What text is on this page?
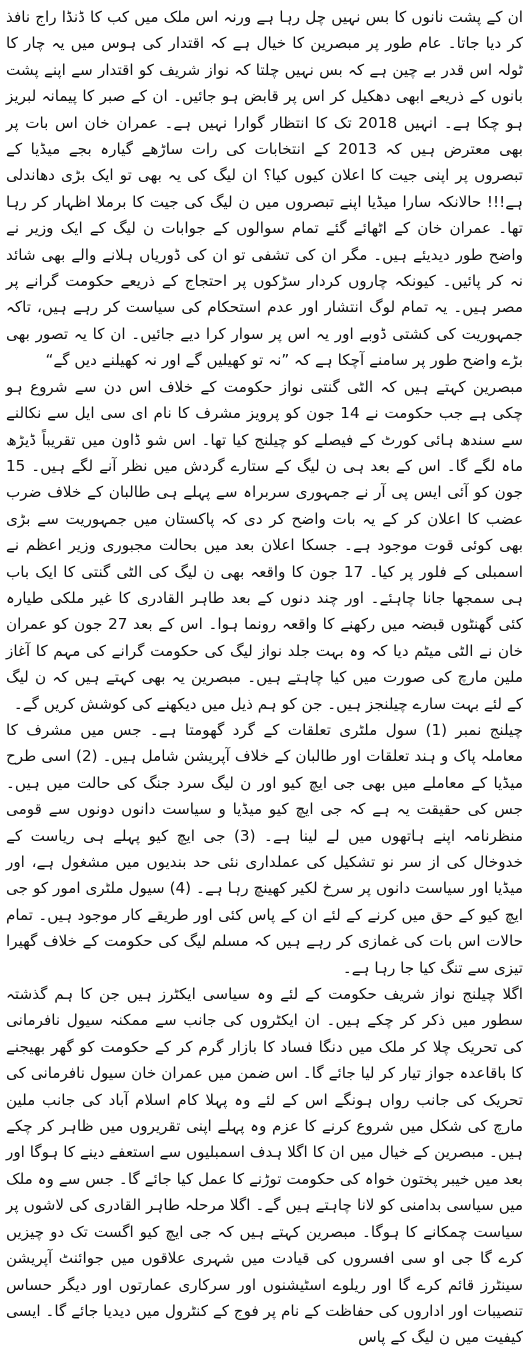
ان کے پشت نانوں کا بس نہیں چل رہا ہے ورنہ اس ملک میں کب کا ڈنڈا راج نافذ کر دیا جاتا۔ عام طور پر مبصرین کا خیال ہے کہ اقتدار کی ہوس میں یہ چار کا ٹولہ اس قدر بے چین ہے کہ بس نہیں چلتا کہ نواز شریف کو اقتدار سے اپنے پشت بانوں کے ذریعے ابھی دھکیل کر اس پر قابض ہو جائیں۔ ان کے صبر کا پیمانہ لبریز ہو چکا ہے۔ انہیں 2018 تک کا انتظار گوارا نہیں ہے۔ عمران خان اس بات پر بھی معترض ہیں کہ 2013 کے انتخابات کی رات ساڑھے گیارہ بجے میڈیا کے تبصروں پر اپنی جیت کا اعلان کیوں کیا؟ ان لیگ کی یہ بھی تو ایک بڑی دھاندلی ہے!!! حالانکہ سارا میڈیا اپنے تبصروں میں ن لیگ کی جیت کا برملا اظہار کر رہا تھا۔ عمران خان کے اٹھائے گئے تمام سوالوں کے جوابات ن لیگ کے ایک وزیر نے واضح طور دیدیئے ہیں۔ مگر ان کی تشفی تو ان کی ڈوریاں ہلانے والے بھی شائد نہ کر پائیں۔ کیونکہ چاروں کردار سڑکوں پر احتجاج کے ذریعے حکومت گرانے پر مصر ہیں۔ یہ تمام لوگ انتشار اور عدم استحکام کی سیاست کر رہے ہیں، تاکہ جمہوریت کی کشتی ڈوبے اور یہ اس پر سوار کرا دیے جائیں۔ ان کا یہ تصور بھی بڑے واضح طور پر سامنے آچکا ہے کہ ”نہ تو کھیلیں گے اور نہ کھیلنے دیں گے“

مبصرین کہتے ہیں کہ الٹی گنتی نواز حکومت کے خلاف اس دن سے شروع ہو چکی ہے جب حکومت نے 14 جون کو پرویز مشرف کا نام ای سی ایل سے نکالنے سے سندھ ہائی کورٹ کے فیصلے کو چیلنج کیا تھا۔ اس شو ڈاون میں تقریباً ڈیڑھ ماہ لگے گا۔ اس کے بعد ہی ن لیگ کے ستارے گردش میں نظر آنے لگے ہیں۔ 15 جون کو آئی ایس پی آر نے جمہوری سربراہ سے پہلے ہی طالبان کے خلاف ضرب عضب کا اعلان کر کے یہ بات واضح کر دی کہ پاکستان میں جمہوریت سے بڑی بھی کوئی قوت موجود ہے۔ جسکا اعلان بعد میں بحالت مجبوری وزیر اعظم نے اسمبلی کے فلور پر کیا۔ 17 جون کا واقعہ بھی ن لیگ کی الٹی گنتی کا ایک باب ہی سمجھا جانا چاہئے۔ اور چند دنوں کے بعد طاہر القادری کا غیر ملکی طیارہ کئی گھنٹوں قبضہ میں رکھنے کا واقعہ رونما ہوا۔ اس کے بعد 27 جون کو عمران خان نے الٹی میٹم دیا کہ وہ بہت جلد نواز لیگ کی حکومت گرانے کی مہم کا آغاز ملین مارچ کی صورت میں کیا چاہتے ہیں۔ مبصرین یہ بھی کہتے ہیں کہ ن لیگ کے لئے بہت سارے چیلنجز ہیں۔ جن کو ہم ذیل میں دیکھنے کی کوشش کریں گے۔

چیلنج نمبر (1) سول ملٹری تعلقات کے گرد گھومتا ہے۔ جس میں مشرف کا معاملہ پاک و ہند تعلقات اور طالبان کے خلاف آپریشن شامل ہیں۔ (2) اسی طرح میڈیا کے معاملے میں بھی جی ایچ کیو اور ن لیگ سرد جنگ کی حالت میں ہیں۔ جس کی حقیقت یہ ہے کہ جی ایچ کیو میڈیا و سیاست دانوں دونوں سے قومی منظرنامہ اپنے ہاتھوں میں لے لینا ہے۔ (3) جی ایچ کیو پہلے ہی ریاست کے خدوخال کی از سر نو تشکیل کی عملداری نئی حد بندیوں میں مشغول ہے، اور میڈیا اور سیاست دانوں پر سرخ لکیر کھینچ رہا ہے۔ (4) سیول ملٹری امور کو جی ایچ کیو کے حق میں کرنے کے لئے ان کے پاس کئی اور طریقے کار موجود ہیں۔ تمام حالات اس بات کی غمازی کر رہے ہیں کہ مسلم لیگ کی حکومت کے خلاف گھیرا تیزی سے تنگ کیا جا رہا ہے۔

اگلا چیلنج نواز شریف حکومت کے لئے وہ سیاسی ایکٹرز ہیں جن کا ہم گذشتہ سطور میں ذکر کر چکے ہیں۔ ان ایکٹروں کی جانب سے ممکنہ سیول نافرمانی کی تحریک چلا کر ملک میں دنگا فساد کا بازار گرم کر کے حکومت کو گھر بھیجنے کا باقاعدہ جواز تیار کر لیا جائے گا۔ اس ضمن میں عمران خان سیول نافرمانی کی تحریک کی جانب رواں ہونگے اس کے لئے وہ پہلا کام اسلام آباد کی جانب ملین مارچ کی شکل میں شروع کرنے کا عزم وہ پہلے اپنی تقریروں میں ظاہر کر چکے ہیں۔ مبصرین کے خیال میں ان کا اگلا ہدف اسمبلیوں سے استعفے دینے کا ہوگا اور بعد میں خیبر پختون خواہ کی حکومت توڑنے کا عمل کیا جائے گا۔ جس سے وہ ملک میں سیاسی بدامنی کو لانا چاہتے ہیں گے۔ اگلا مرحلہ طاہر القادری کی لاشوں پر سیاست چمکانے کا ہوگا۔ مبصرین کہتے ہیں کہ جی ایچ کیو اگست تک دو چیزیں کرے گا جی او سی افسروں کی قیادت میں شہری علاقوں میں جوائنٹ آپریشن سینٹرز قائم کرے گا اور ریلوے اسٹیشنوں اور سرکاری عمارتوں اور دیگر حساس تنصیبات اور اداروں کی حفاظت کے نام پر فوج کے کنٹرول میں دیدیا جائے گا۔ ایسی کیفیت میں ن لیگ کے پاس
